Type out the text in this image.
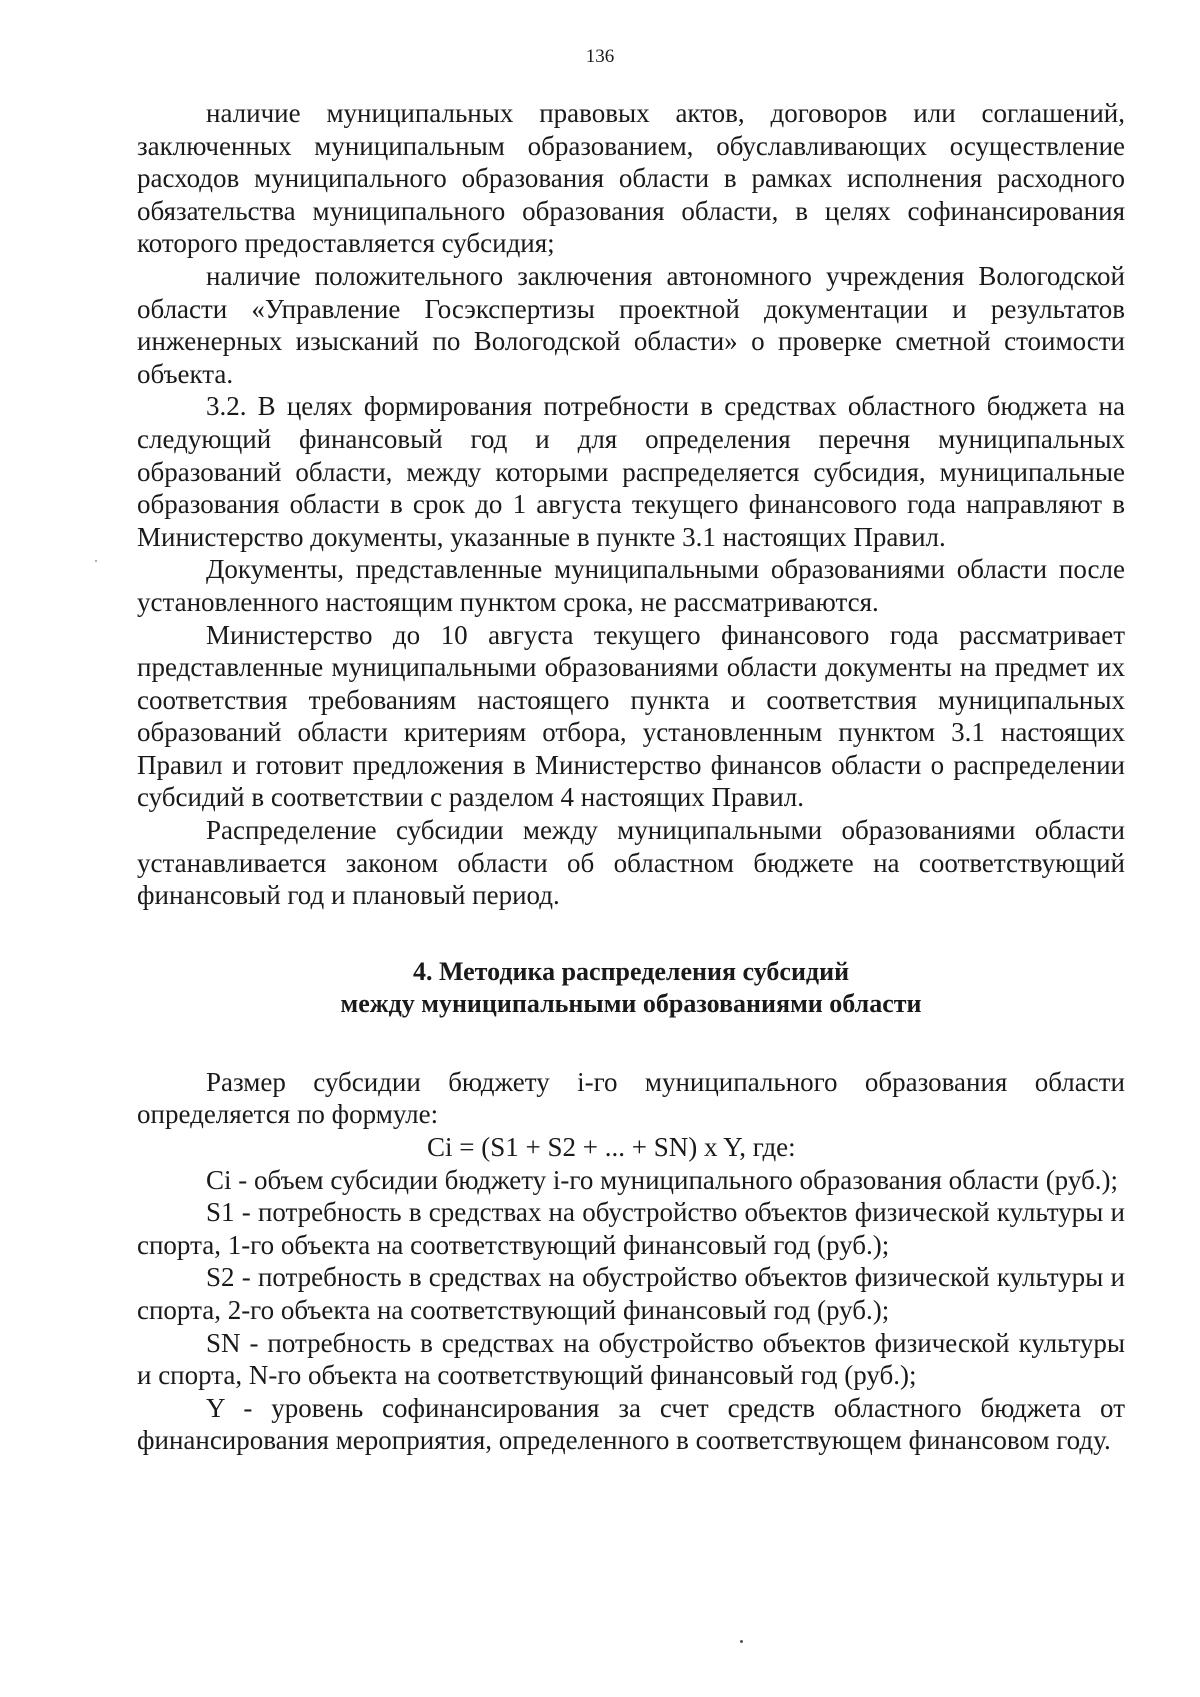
136

наличие муниципальных правовых актов, договоров или соглашений, заключенных муниципальным образованием, обуславливающих осуществление расходов муниципального образования области в рамках исполнения расходного обязательства муниципального образования области, в целях софинансирования которого предоставляется субсидия;

наличие положительного заключения автономного учреждения Вологодской области «Управление Госэкспертизы проектной документации и результатов инженерных изысканий по Вологодской области» о проверке сметной стоимости объекта.

3.2. В целях формирования потребности в средствах областного бюджета на следующий финансовый год и для определения перечня муниципальных образований области, между которыми распределяется субсидия, муниципальные образования области в срок до 1 августа текущего финансового года направляют в Министерство документы, указанные в пункте 3.1 настоящих Правил.

Документы, представленные муниципальными образованиями области после установленного настоящим пунктом срока, не рассматриваются.

Министерство до 10 августа текущего финансового года рассматривает представленные муниципальными образованиями области документы на предмет их соответствия требованиям настоящего пункта и соответствия муниципальных образований области критериям отбора, установленным пунктом 3.1 настоящих Правил и готовит предложения в Министерство финансов области о распределении субсидий в соответствии с разделом 4 настоящих Правил.

Распределение субсидии между муниципальными образованиями области устанавливается законом области об областном бюджете на соответствующий финансовый год и плановый период.

4. Методика распределения субсидий
между муниципальными образованиями области

Размер субсидии бюджету i-го муниципального образования области определяется по формуле:

Ci = (S1 + S2 + ... + SN) x Y, где:

Ci - объем субсидии бюджету i-го муниципального образования области (руб.);

S1 - потребность в средствах на обустройство объектов физической культуры и спорта, 1-го объекта на соответствующий финансовый год (руб.);

S2 - потребность в средствах на обустройство объектов физической культуры и спорта, 2-го объекта на соответствующий финансовый год (руб.);

SN - потребность в средствах на обустройство объектов физической культуры и спорта, N-го объекта на соответствующий финансовый год (руб.);

Y - уровень софинансирования за счет средств областного бюджета от финансирования мероприятия, определенного в соответствующем финансовом году.
